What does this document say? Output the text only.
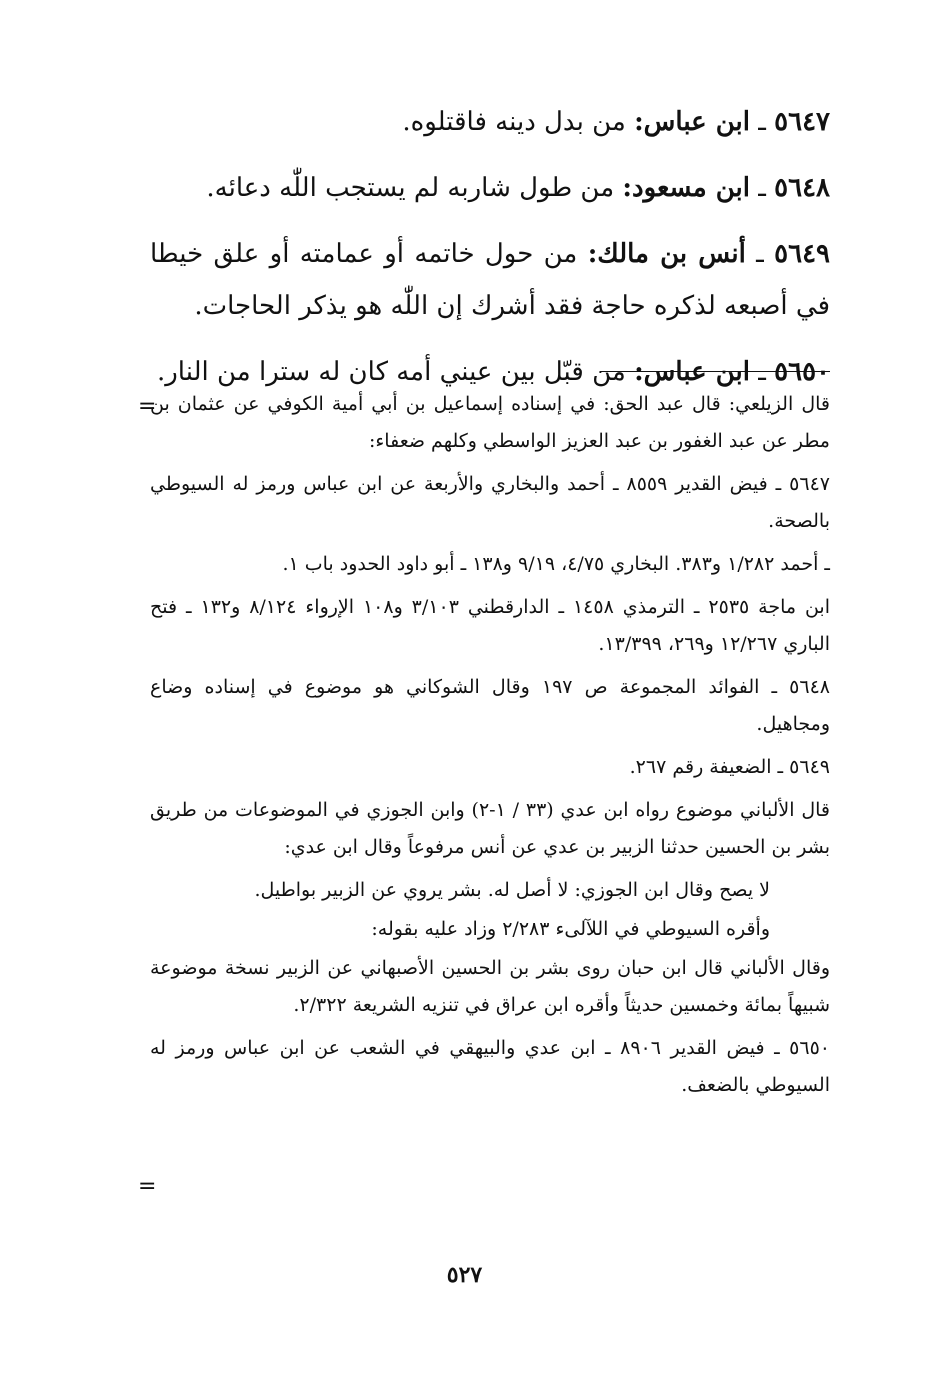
٥٦٤٧ ـ ابن عباس: من بدل دينه فاقتلوه.

٥٦٤٨ ـ ابن مسعود: من طول شاربه لم يستجب اللّٰه دعائه.

٥٦٤٩ ـ أنس بن مالك: من حول خاتمه أو عمامته أو علق خيطا في أصبعه لذكره حاجة فقد أشرك إن اللّٰه هو يذكر الحاجات.

٥٦٥٠ ـ ابن عباس: من قبّل بين عيني أمه كان له سترا من النار.

=

قال الزيلعي: قال عبد الحق: في إسناده إسماعيل بن أبي أمية الكوفي عن عثمان بن مطر عن عبد الغفور بن عبد العزيز الواسطي وكلهم ضعفاء:

٥٦٤٧ ـ فيض القدير ٨٥٥٩ ـ أحمد والبخاري والأربعة عن ابن عباس ورمز له السيوطي بالصحة.

ـ أحمد ١/٢٨٢ و٣٨٣. البخاري ٤/٧٥، ٩/١٩ و١٣٨ ـ أبو داود الحدود باب ١.

ابن ماجة ٢٥٣٥ ـ الترمذي ١٤٥٨ ـ الدارقطني ٣/١٠٣ و١٠٨ الإرواء ٨/١٢٤ و١٣٢ ـ فتح الباري ١٢/٢٦٧ و٢٦٩، ١٣/٣٩٩.

٥٦٤٨ ـ الفوائد المجموعة ص ١٩٧ وقال الشوكاني هو موضوع في إسناده وضاع ومجاهيل.

٥٦٤٩ ـ الضعيفة رقم ٢٦٧.

قال الألباني موضوع رواه ابن عدي (٣٣ / ١-٢) وابن الجوزي في الموضوعات من طريق بشر بن الحسين حدثنا الزبير بن عدي عن أنس مرفوعاً وقال ابن عدي:

لا يصح وقال ابن الجوزي: لا أصل له. بشر يروي عن الزبير بواطيل.

وأقره السيوطي في اللآلىء ٢/٢٨٣ وزاد عليه بقوله:

وقال الألباني قال ابن حبان روى بشر بن الحسين الأصبهاني عن الزبير نسخة موضوعة شبيهاً بمائة وخمسين حديثاً وأقره ابن عراق في تنزيه الشريعة ٢/٣٢٢.

٥٦٥٠ ـ فيض القدير ٨٩٠٦ ـ ابن عدي والبيهقي في الشعب عن ابن عباس ورمز له السيوطي بالضعف.

=
٥٢٧
